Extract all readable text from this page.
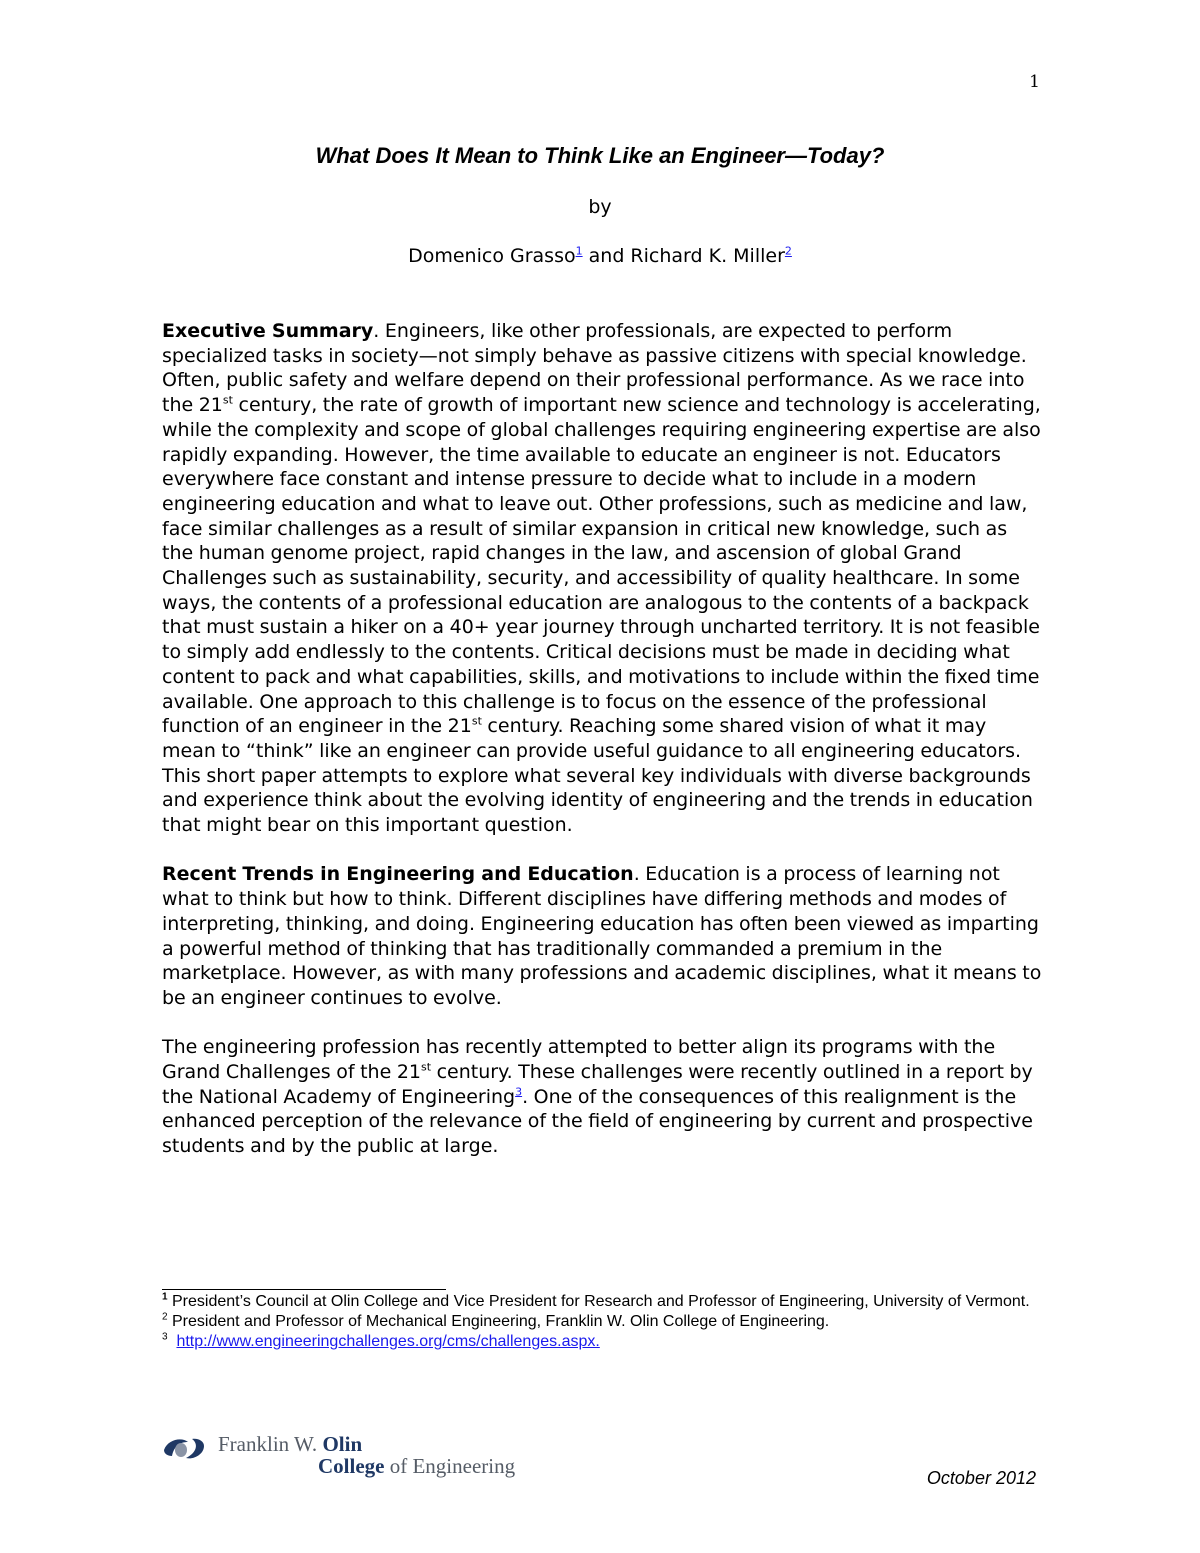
1
What Does It Mean to Think Like an Engineer—Today?
by
Domenico Grasso$^1$ and Richard K. Miller$^2$

Executive Summary. Engineers, like other professionals, are expected to perform specialized tasks in society—not simply behave as passive citizens with special knowledge. Often, public safety and welfare depend on their professional performance. As we race into the 21st century, the rate of growth of important new science and technology is accelerating, while the complexity and scope of global challenges requiring engineering expertise are also rapidly expanding. However, the time available to educate an engineer is not. Educators everywhere face constant and intense pressure to decide what to include in a modern engineering education and what to leave out. Other professions, such as medicine and law, face similar challenges as a result of similar expansion in critical new knowledge, such as the human genome project, rapid changes in the law, and ascension of global Grand Challenges such as sustainability, security, and accessibility of quality healthcare. In some ways, the contents of a professional education are analogous to the contents of a backpack that must sustain a hiker on a 40+ year journey through uncharted territory. It is not feasible to simply add endlessly to the contents. Critical decisions must be made in deciding what content to pack and what capabilities, skills, and motivations to include within the fixed time available. One approach to this challenge is to focus on the essence of the professional function of an engineer in the 21st century. Reaching some shared vision of what it may mean to “think” like an engineer can provide useful guidance to all engineering educators. This short paper attempts to explore what several key individuals with diverse backgrounds and experience think about the evolving identity of engineering and the trends in education that might bear on this important question.

Recent Trends in Engineering and Education. Education is a process of learning not what to think but how to think. Different disciplines have differing methods and modes of interpreting, thinking, and doing. Engineering education has often been viewed as imparting a powerful method of thinking that has traditionally commanded a premium in the marketplace. However, as with many professions and academic disciplines, what it means to be an engineer continues to evolve.

The engineering profession has recently attempted to better align its programs with the Grand Challenges of the 21st century. These challenges were recently outlined in a report by the National Academy of Engineering$^3$. One of the consequences of this realignment is the enhanced perception of the relevance of the field of engineering by current and prospective students and by the public at large.

$^1$ President’s Council at Olin College and Vice President for Research and Professor of Engineering, University of Vermont.

$^2$ President and Professor of Mechanical Engineering, Franklin W. Olin College of Engineering.

$^3$ http://www.engineeringchallenges.org/cms/challenges.aspx.

Franklin W. Olin
College of Engineering	October 2012
